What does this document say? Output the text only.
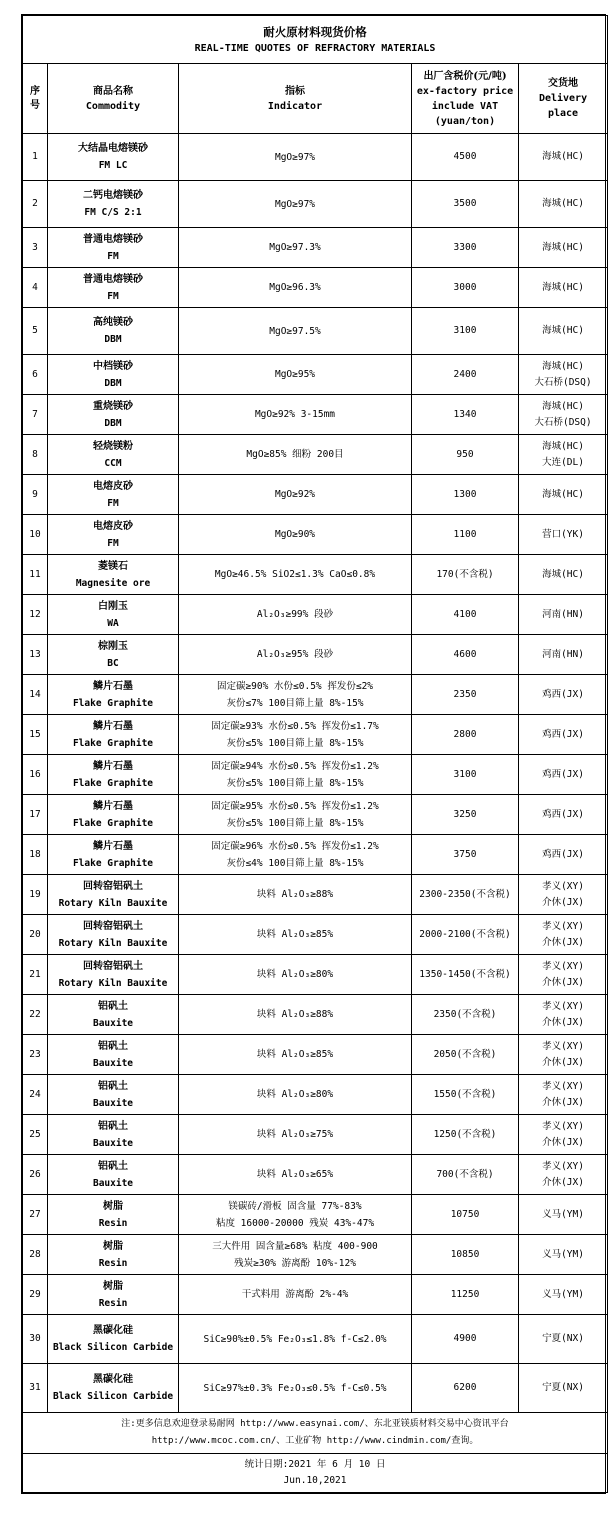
耐火原材料现货价格
REAL-TIME QUOTES OF REFRACTORY MATERIALS				

序号	商品名称
Commodity	指标
Indicator	出厂含税价(元/吨)
ex-factory price
include VAT
(yuan/ton)	交货地
Delivery
place

1	大结晶电熔镁砂
FM LC	MgO≥97%	4500	海城(HC)

2	二钙电熔镁砂
FM C/S 2:1	MgO≥97%	3500	海城(HC)

3	普通电熔镁砂
FM	MgO≥97.3%	3300	海城(HC)

4	普通电熔镁砂
FM	MgO≥96.3%	3000	海城(HC)

5	高纯镁砂
DBM	MgO≥97.5%	3100	海城(HC)

6	中档镁砂
DBM	MgO≥95%	2400	海城(HC)
大石桥(DSQ)

7	重烧镁砂
DBM	MgO≥92% 3-15mm	1340	海城(HC)
大石桥(DSQ)

8	轻烧镁粉
CCM	MgO≥85% 细粉 200目	950	海城(HC)
大连(DL)

9	电熔皮砂
FM	MgO≥92%	1300	海城(HC)

10	电熔皮砂
FM	MgO≥90%	1100	营口(YK)

11	菱镁石
Magnesite ore	MgO≥46.5% SiO2≤1.3% CaO≤0.8%	170(不含税)	海城(HC)

12	白刚玉
WA	Al₂O₃≥99% 段砂	4100	河南(HN)

13	棕刚玉
BC	Al₂O₃≥95% 段砂	4600	河南(HN)

14	鳞片石墨
Flake Graphite	固定碳≥90% 水份≤0.5% 挥发份≤2%
灰份≤7% 100目筛上量 8%-15%	2350	鸡西(JX)

15	鳞片石墨
Flake Graphite	固定碳≥93% 水份≤0.5% 挥发份≤1.7%
灰份≤5% 100目筛上量 8%-15%	2800	鸡西(JX)

16	鳞片石墨
Flake Graphite	固定碳≥94% 水份≤0.5% 挥发份≤1.2%
灰份≤5% 100目筛上量 8%-15%	3100	鸡西(JX)

17	鳞片石墨
Flake Graphite	固定碳≥95% 水份≤0.5% 挥发份≤1.2%
灰份≤5% 100目筛上量 8%-15%	3250	鸡西(JX)

18	鳞片石墨
Flake Graphite	固定碳≥96% 水份≤0.5% 挥发份≤1.2%
灰份≤4% 100目筛上量 8%-15%	3750	鸡西(JX)

19	回转窑铝矾土
Rotary Kiln Bauxite	块料 Al₂O₃≥88%	2300-2350(不含税)	孝义(XY)
介休(JX)

20	回转窑铝矾土
Rotary Kiln Bauxite	块料 Al₂O₃≥85%	2000-2100(不含税)	孝义(XY)
介休(JX)

21	回转窑铝矾土
Rotary Kiln Bauxite	块料 Al₂O₃≥80%	1350-1450(不含税)	孝义(XY)
介休(JX)

22	铝矾土
Bauxite	块料 Al₂O₃≥88%	2350(不含税)	孝义(XY)
介休(JX)

23	铝矾土
Bauxite	块料 Al₂O₃≥85%	2050(不含税)	孝义(XY)
介休(JX)

24	铝矾土
Bauxite	块料 Al₂O₃≥80%	1550(不含税)	孝义(XY)
介休(JX)

25	铝矾土
Bauxite	块料 Al₂O₃≥75%	1250(不含税)	孝义(XY)
介休(JX)

26	铝矾土
Bauxite	块料 Al₂O₃≥65%	700(不含税)	孝义(XY)
介休(JX)

27	树脂
Resin	镁碳砖/滑板 固含量 77%-83%
粘度 16000-20000 残炭 43%-47%	10750	义马(YM)

28	树脂
Resin	三大件用 固含量≥68% 粘度 400-900
残炭≥30% 游离酚 10%-12%	10850	义马(YM)

29	树脂
Resin	干式料用 游离酚 2%-4%	11250	义马(YM)

30	黑碳化硅
Black Silicon Carbide	SiC≥90%±0.5% Fe₂O₃≤1.8% f-C≤2.0%	4900	宁夏(NX)

31	黑碳化硅
Black Silicon Carbide	SiC≥97%±0.3% Fe₂O₃≤0.5% f-C≤0.5%	6200	宁夏(NX)

注:更多信息欢迎登录易耐网 http://www.easynai.com/、东北亚镁质材料交易中心资讯平台
http://www.mcoc.com.cn/、工业矿物 http://www.cindmin.com/查询。				

统计日期:2021 年 6 月 10 日
Jun.10,2021				
